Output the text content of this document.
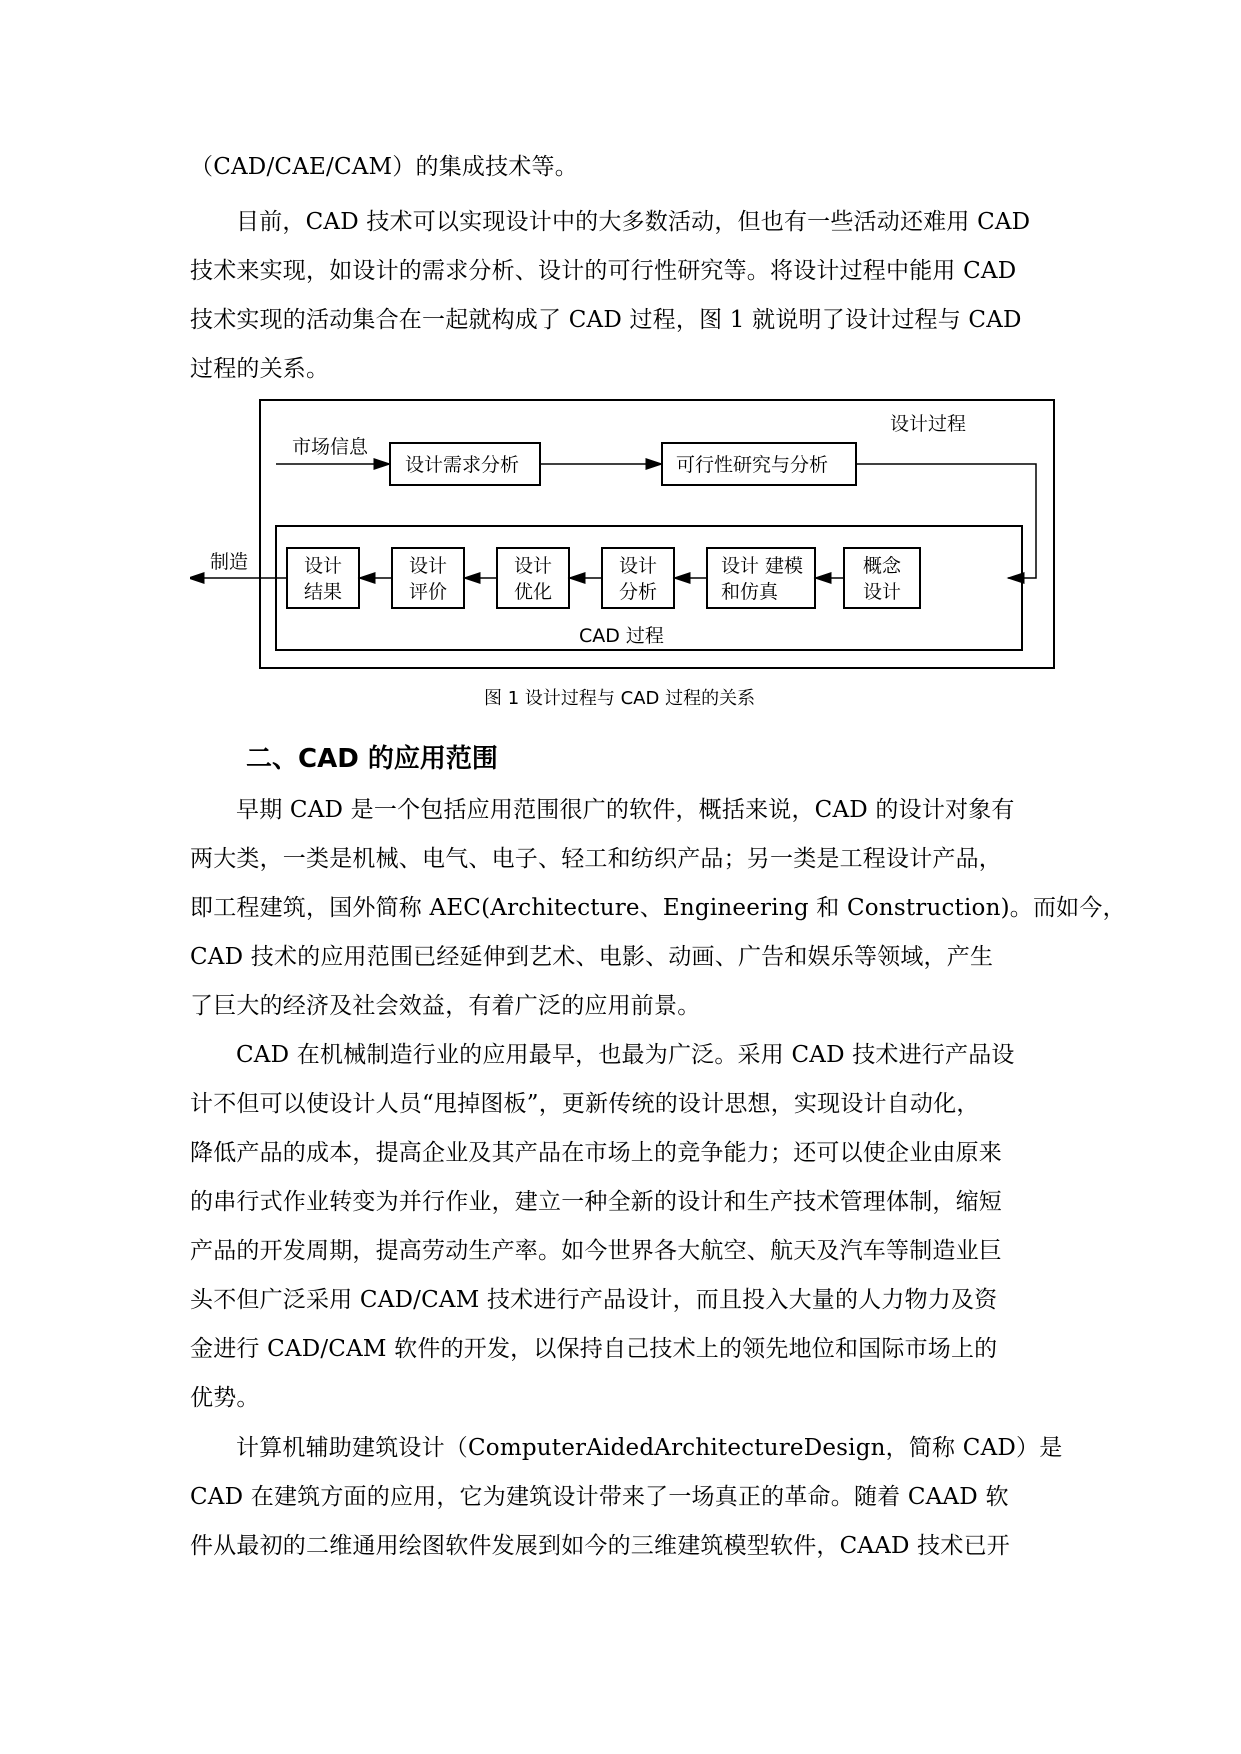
（CAD/CAE/CAM）的集成技术等。
目前，CAD 技术可以实现设计中的大多数活动，但也有一些活动还难用 CAD
技术来实现，如设计的需求分析、设计的可行性研究等。将设计过程中能用 CAD
技术实现的活动集合在一起就构成了 CAD 过程，图 1 就说明了设计过程与 CAD
过程的关系。
设计过程
市场信息
设计需求分析	可行性研究与分析
CAD 过程
制造	设计
结果
设计
评价
设计
优化
设计
分析
设计 建模
和仿真
概念
设计
图 1 设计过程与 CAD 过程的关系
二、CAD 的应用范围
早期 CAD 是一个包括应用范围很广的软件，概括来说，CAD 的设计对象有
两大类，一类是机械、电气、电子、轻工和纺织产品；另一类是工程设计产品，
即工程建筑，国外简称 AEC(Architecture、Engineering 和 Construction)。而如今，
CAD 技术的应用范围已经延伸到艺术、电影、动画、广告和娱乐等领域，产生
了巨大的经济及社会效益，有着广泛的应用前景。
CAD 在机械制造行业的应用最早，也最为广泛。采用 CAD 技术进行产品设
计不但可以使设计人员“甩掉图板”，更新传统的设计思想，实现设计自动化，
降低产品的成本，提高企业及其产品在市场上的竞争能力；还可以使企业由原来
的串行式作业转变为并行作业，建立一种全新的设计和生产技术管理体制，缩短
产品的开发周期，提高劳动生产率。如今世界各大航空、航天及汽车等制造业巨
头不但广泛采用 CAD/CAM 技术进行产品设计，而且投入大量的人力物力及资
金进行 CAD/CAM 软件的开发，以保持自己技术上的领先地位和国际市场上的
优势。
计算机辅助建筑设计（ComputerAidedArchitectureDesign，简称 CAD）是
CAD 在建筑方面的应用，它为建筑设计带来了一场真正的革命。随着 CAAD 软
件从最初的二维通用绘图软件发展到如今的三维建筑模型软件，CAAD 技术已开
